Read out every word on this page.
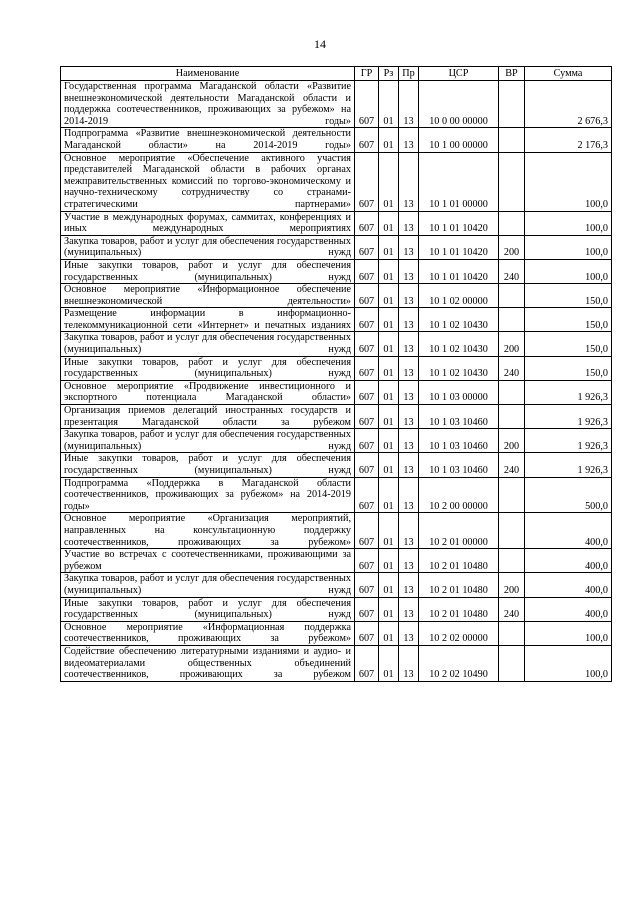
14
Наименование	ГР	Рз	Пр	ЦСР	ВР	Сумма
Государственная программа Магаданской области «Развитие внешнеэкономической деятельности Магаданской области и поддержка соотечественников, проживающих за рубежом» на 2014-2019 годы»	607	01	13	10 0 00 00000		2 676,3
Подпрограмма «Развитие внешнеэкономической деятельности Магаданской области» на 2014-2019 годы»	607	01	13	10 1 00 00000		2 176,3
Основное мероприятие «Обеспечение активного участия представителей Магаданской области в рабочих органах межправительственных комиссий по торгово-экономическому и научно-техническому сотрудничеству со странами-стратегическими партнерами»	607	01	13	10 1 01 00000		100,0
Участие в международных форумах, саммитах, конференциях и иных международных мероприятиях	607	01	13	10 1 01 10420		100,0
Закупка товаров, работ и услуг для обеспечения государственных (муниципальных) нужд	607	01	13	10 1 01 10420	200	100,0
Иные закупки товаров, работ и услуг для обеспечения государственных (муниципальных) нужд	607	01	13	10 1 01 10420	240	100,0
Основное мероприятие «Информационное обеспечение внешнеэкономической деятельности»	607	01	13	10 1 02 00000		150,0
Размещение информации в информационно-телекоммуникационной сети «Интернет» и печатных изданиях	607	01	13	10 1 02 10430		150,0
Закупка товаров, работ и услуг для обеспечения государственных (муниципальных) нужд	607	01	13	10 1 02 10430	200	150,0
Иные закупки товаров, работ и услуг для обеспечения государственных (муниципальных) нужд	607	01	13	10 1 02 10430	240	150,0
Основное мероприятие «Продвижение инвестиционного и экспортного потенциала Магаданской области»	607	01	13	10 1 03 00000		1 926,3
Организация приемов делегаций иностранных государств и презентация Магаданской области за рубежом	607	01	13	10 1 03 10460		1 926,3
Закупка товаров, работ и услуг для обеспечения государственных (муниципальных) нужд	607	01	13	10 1 03 10460	200	1 926,3
Иные закупки товаров, работ и услуг для обеспечения государственных (муниципальных) нужд	607	01	13	10 1 03 10460	240	1 926,3
Подпрограмма «Поддержка в Магаданской области соотечественников, проживающих за рубежом» на 2014-2019 годы»	607	01	13	10 2 00 00000		500,0
Основное мероприятие «Организация мероприятий, направленных на консультационную поддержку соотечественников, проживающих за рубежом»	607	01	13	10 2 01 00000		400,0
Участие во встречах с соотечественниками, проживающими за рубежом	607	01	13	10 2 01 10480		400,0
Закупка товаров, работ и услуг для обеспечения государственных (муниципальных) нужд	607	01	13	10 2 01 10480	200	400,0
Иные закупки товаров, работ и услуг для обеспечения государственных (муниципальных) нужд	607	01	13	10 2 01 10480	240	400,0
Основное мероприятие «Информационная поддержка соотечественников, проживающих за рубежом»	607	01	13	10 2 02 00000		100,0
Содействие обеспечению литературными изданиями и аудио- и видеоматериалами общественных объединений соотечественников, проживающих за рубежом	607	01	13	10 2 02 10490		100,0
